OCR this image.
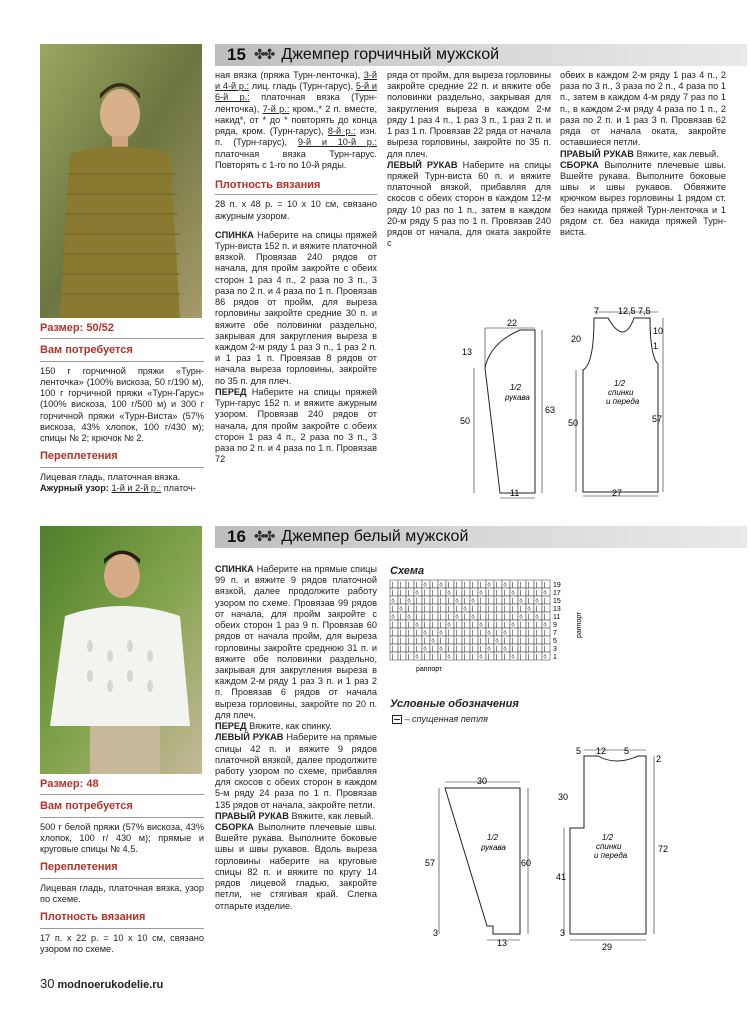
15 ✤✤ Джемпер горчичный мужской
Размер: 50/52
Вам потребуется

150 г горчичной пряжи «Турн-ленточка» (100% вискоза, 50 г/190 м), 100 г горчичной пряжи «Турн-Гарус» (100% вискоза, 100 г/500 м) и 300 г горчичной пряжи «Турн-Виста» (57% вискоза, 43% хлопок, 100 г/430 м); спицы № 2; крючок № 2.

Переплетения

Лицевая гладь, платочная вязка.

Ажурный узор: 1-й и 2-й р.: платоч-

ная вязка (пряжа Турн-ленточка), 3-й и 4-й р.: лиц. гладь (Турн-гарус), 5-й и 6-й р.: платочная вязка (Турн-ленточка), 7-й р.: кром.,* 2 п. вместе, накид*, от * до * повторять до конца ряда, кром. (Турн-гарус), 8-й р.: изн. п. (Турн-гарус), 9-й и 10-й р.: платочная вязка Турн-гарус. Повторять с 1-го по 10-й ряды.

Плотность вязания

28 п. х 48 р. = 10 х 10 см, связано ажурным узором.

СПИНКА Наберите на спицы пряжей Турн-виста 152 п. и вяжите платочной вязкой. Провязав 240 рядов от начала, для пройм закройте с обеих сторон 1 раз 4 п., 2 раза по 3 п., 3 раза по 2 п. и 4 раза по 1 п. Провязав 86 рядов от пройм, для выреза горловины закройте средние 30 п. и вяжите обе половинки раздельно, закрывая для закругления выреза в каждом 2-м ряду 1 раз 3 п., 1 раз 2 п. и 1 раз 1 п. Провязав 8 рядов от начала выреза горловины, закройте по 35 п. для плеч.

ПЕРЕД Наберите на спицы пряжей Турн-гарус 152 п. и вяжите ажурным узором. Провязав 240 рядов от начала, для пройм закройте с обеих сторон 1 раз 4 п., 2 раза по 3 п., 3 раза по 2 п. и 4 раза по 1 п. Провязав 72

ряда от пройм, для выреза горловины закройте средние 22 п. и вяжите обе половинки раздельно, закрывая для закругления выреза в каждом 2-м ряду 1 раз 4 п., 1 раз 3 п., 1 раз 2 п. и 1 раз 1 п. Провязав 22 ряда от начала выреза горловины, закройте по 35 п. для плеч.

ЛЕВЫЙ РУКАВ Наберите на спицы пряжей Турн-виста 60 п. и вяжите платочной вязкой, прибавляя для скосов с обеих сторон в каждом 12-м ряду 10 раз по 1 п., затем в каждом 20-м ряду 5 раз по 1 п. Провязав 240 рядов от начала, для оката закройте с

обеих в каждом 2-м ряду 1 раз 4 п., 2 раза по 3 п., 3 раза по 2 п., 4 раза по 1 п., затем в каждом 4-м ряду 7 раз по 1 п., в каждом 2-м ряду 4 раза по 1 п., 2 раза по 2 п. и 1 раз 3 п. Провязав 62 ряда от начала оката, закройте оставшиеся петли.

ПРАВЫЙ РУКАВ Вяжите, как левый.

СБОРКА Выполните плечевые швы. Вшейте рукава. Выполните боковые швы и швы рукавов. Обвяжите крючком вырез горловины 1 рядом ст. без накида пряжей Турн-ленточка и 1 рядом ст. без накида пряжей Турн-виста.

22
13
50
63
11
1/2
рукава
7 12,5 7,5
20
10
1
50	57
27
1/2
спинки
и переда
16 ✤✤ Джемпер белый мужской
Размер: 48
Вам потребуется

500 г белой пряжи (57% вискоза, 43% хлопок, 100 г/ 430 м); прямые и круговые спицы № 4,5.

Переплетения

Лицевая гладь, платочная вязка, узор по схеме.

Плотность вязания

17 п. х 22 р. = 10 х 10 см, связано узором по схеме.

СПИНКА Наберите на прямые спицы 99 п. и вяжите 9 рядов платочной вязкой, далее продолжите работу узором по схеме. Провязав 99 рядов от начала, для пройм закройте с обеих сторон 1 раз 9 п. Провязав 60 рядов от начала пройм, для выреза горловины закройте среднюю 31 п. и вяжите обе половинки раздельно, закрывая для закругления выреза в каждом 2-м ряду 1 раз 3 п. и 1 раз 2 п. Провязав 6 рядов от начала выреза горловины, закройте по 20 п. для плеч.

ПЕРЕД Вяжите, как спинку.

ЛЕВЫЙ РУКАВ Наберите на прямые спицы 42 п. и вяжите 9 рядов платочной вязкой, далее продолжите работу узором по схеме, прибавляя для скосов с обеих сторон в каждом 5-м ряду 24 раза по 1 п. Провязав 135 рядов от начала, закройте петли.

ПРАВЫЙ РУКАВ Вяжите, как левый.

СБОРКА Выполните плечевые швы. Вшейте рукава. Выполните боковые швы и швы рукавов. Вдоль выреза горловины наберите на круговые спицы 82 п. и вяжите по кругу 14 рядов лицевой гладью, закройте петли, не стягивая край. Слегка отпарьте изделие.

Схема
| | | | ◊ | ◊ | | | | | ◊ | ◊ | | | | |
| | | ◊ | | | ◊ | | | ◊ | | | ◊ | | | ◊
◊ | ◊ | | | | | ◊ | ◊ | | | | | ◊ | ◊ |
| ◊ | | | | | | | ◊ | | | | | | | ◊ | |
◊ | ◊ | | | | | ◊ | ◊ | | | | | ◊ | ◊ |
| | | ◊ | | | ◊ | | | ◊ | | | ◊ | | | ◊
| | | | ◊ | ◊ | | | | | ◊ | ◊ | | | | |
| | | | | ◊ | | | | | | | ◊ | | | | | |
| | | | ◊ | ◊ | | | | | ◊ | ◊ | | | | |
| | | ◊ | | | ◊ | | | ◊ | | | ◊ | | | ◊
19
17
15
13
11
9
7
5
3
1
раппорт
раппорт
Условные обозначения
– спущенная петля
30
57	60
13
3
1/2
рукава
5 12 5
2
30
41
72
29
3
1/2
спинки
и переда
30 modnoerukodelie.ru
